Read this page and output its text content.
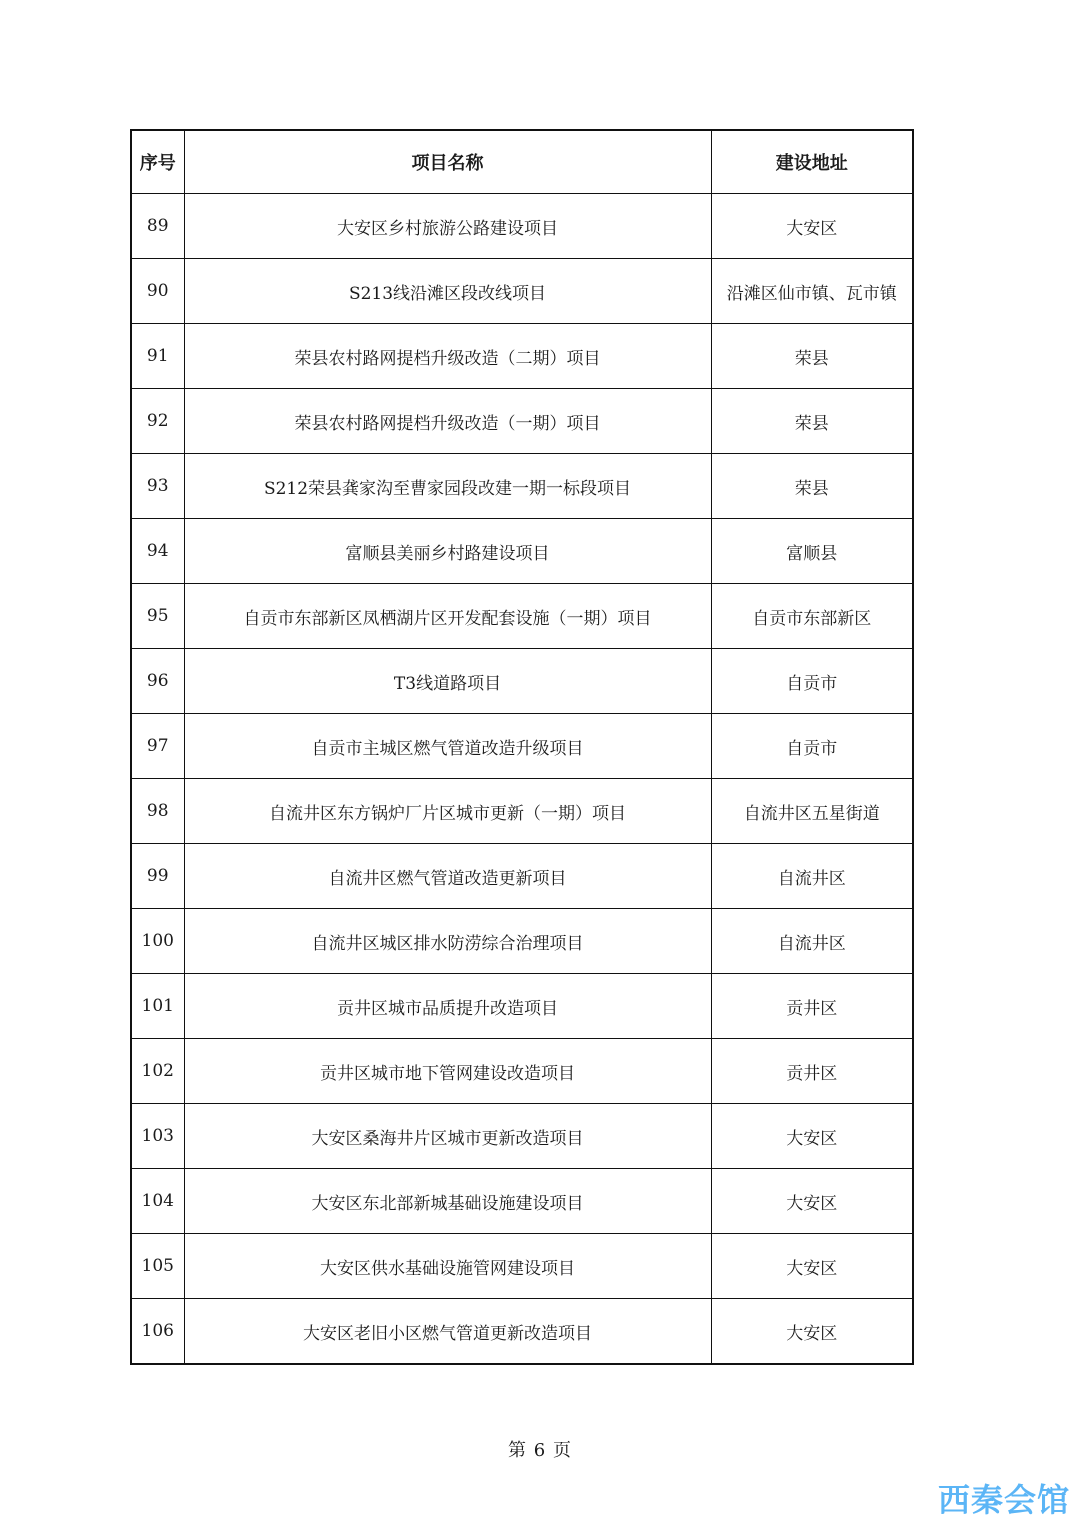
序号	项目名称	建设地址
89	大安区乡村旅游公路建设项目	大安区
90	S213线沿滩区段改线项目	沿滩区仙市镇、瓦市镇
91	荣县农村路网提档升级改造（二期）项目	荣县
92	荣县农村路网提档升级改造（一期）项目	荣县
93	S212荣县龚家沟至曹家园段改建一期一标段项目	荣县
94	富顺县美丽乡村路建设项目	富顺县
95	自贡市东部新区凤栖湖片区开发配套设施（一期）项目	自贡市东部新区
96	T3线道路项目	自贡市
97	自贡市主城区燃气管道改造升级项目	自贡市
98	自流井区东方锅炉厂片区城市更新（一期）项目	自流井区五星街道
99	自流井区燃气管道改造更新项目	自流井区
100	自流井区城区排水防涝综合治理项目	自流井区
101	贡井区城市品质提升改造项目	贡井区
102	贡井区城市地下管网建设改造项目	贡井区
103	大安区桑海井片区城市更新改造项目	大安区
104	大安区东北部新城基础设施建设项目	大安区
105	大安区供水基础设施管网建设项目	大安区
106	大安区老旧小区燃气管道更新改造项目	大安区
第 6 页
西秦会馆
